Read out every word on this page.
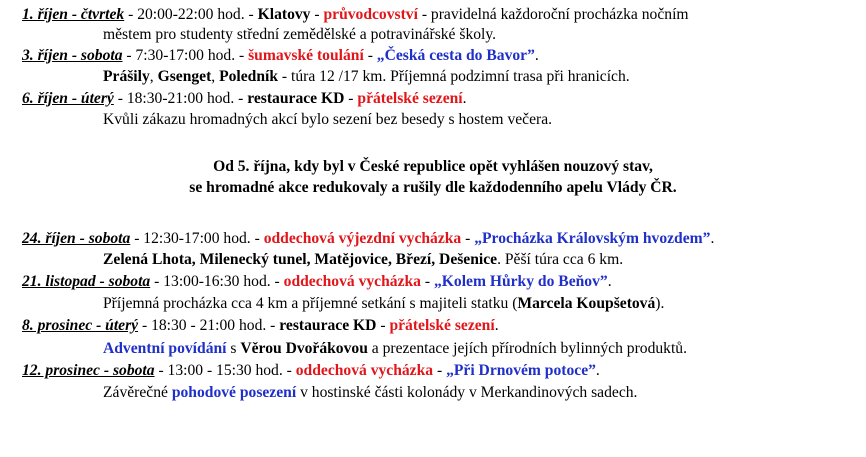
1. říjen - čtvrtek - 20:00-22:00 hod. - Klatovy - průvodcovství - pravidelná každoroční procházka nočním
městem pro studenty střední zemědělské a potravinářské školy.
3. říjen - sobota - 7:30-17:00 hod. - šumavské toulání - „Česká cesta do Bavor”.
Prášily, Gsenget, Poledník - túra 12 /17 km. Příjemná podzimní trasa při hranicích.
6. říjen - úterý - 18:30-21:00 hod. - restaurace KD - přátelské sezení.
Kvůli zákazu hromadných akcí bylo sezení bez besedy s hostem večera.
Od 5. října, kdy byl v České republice opět vyhlášen nouzový stav,
se hromadné akce redukovaly a rušily dle každodenního apelu Vlády ČR.
24. říjen - sobota - 12:30-17:00 hod. - oddechová výjezdní vycházka - „Procházka Královským hvozdem”.
Zelená Lhota, Milenecký tunel, Matějovice, Březí, Dešenice. Pěší túra cca 6 km.
21. listopad - sobota - 13:00-16:30 hod. - oddechová vycházka - „Kolem Hůrky do Beňov”.
Příjemná procházka cca 4 km a příjemné setkání s majiteli statku (Marcela Koupšetová).
8. prosinec - úterý - 18:30 - 21:00 hod. - restaurace KD - přátelské sezení.
Adventní povídání s Věrou Dvořákovou a prezentace jejích přírodních bylinných produktů.
12. prosinec - sobota - 13:00 - 15:30 hod. - oddechová vycházka - „Při Drnovém potoce”.
Závěrečné pohodové posezení v hostinské části kolonády v Merkandinových sadech.
